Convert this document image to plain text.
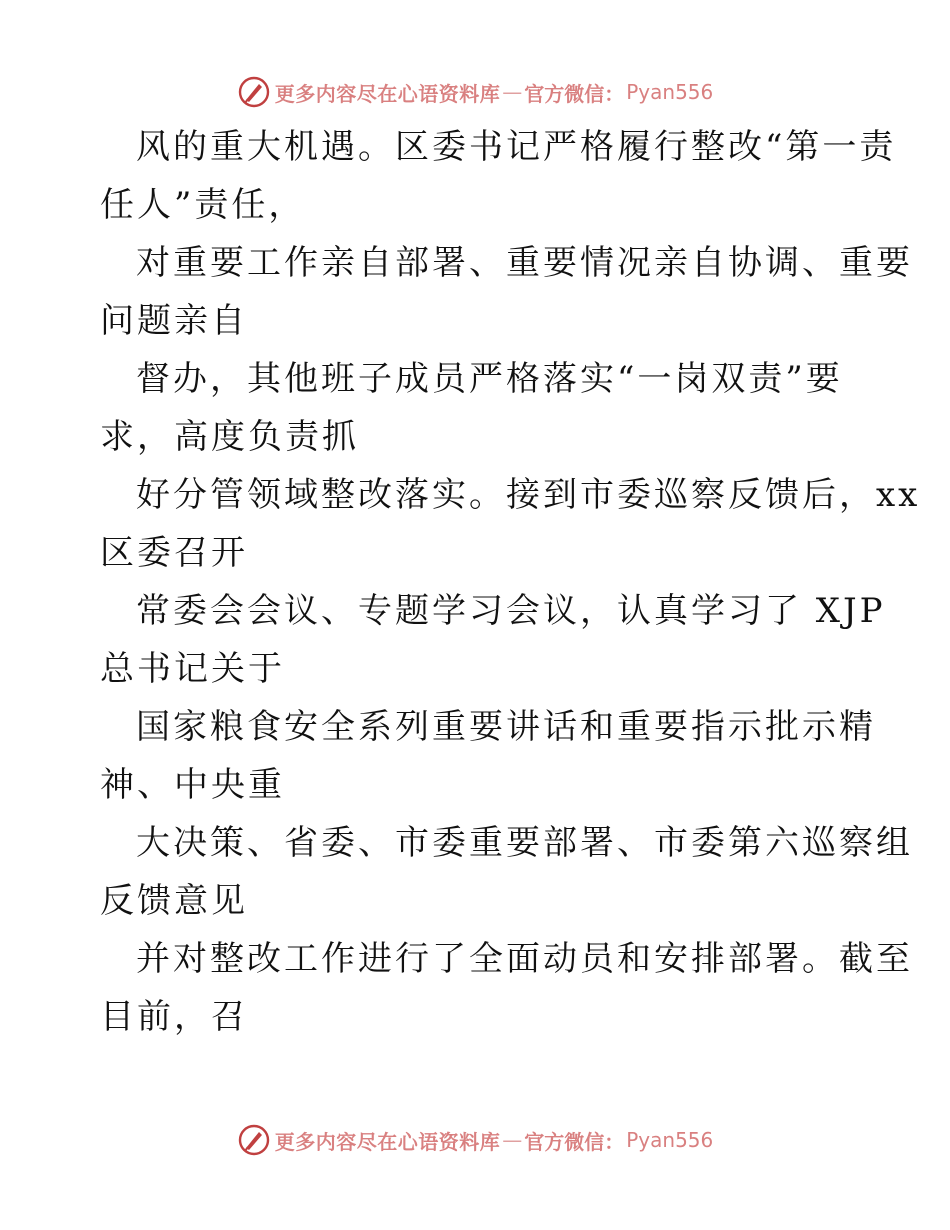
更多内容尽在心语资料库 — 官方微信： Pyan556
风的重大机遇。区委书记严格履行整改“第一责
任人”责任，
对重要工作亲自部署、重要情况亲自协调、重要
问题亲自
督办，其他班子成员严格落实“一岗双责”要
求，高度负责抓
好分管领域整改落实。接到市委巡察反馈后，xx
区委召开
常委会会议、专题学习会议，认真学习了 XJP
总书记关于
国家粮食安全系列重要讲话和重要指示批示精
神、中央重
大决策、省委、市委重要部署、市委第六巡察组
反馈意见
并对整改工作进行了全面动员和安排部署。截至
目前，召
更多内容尽在心语资料库 — 官方微信： Pyan556
